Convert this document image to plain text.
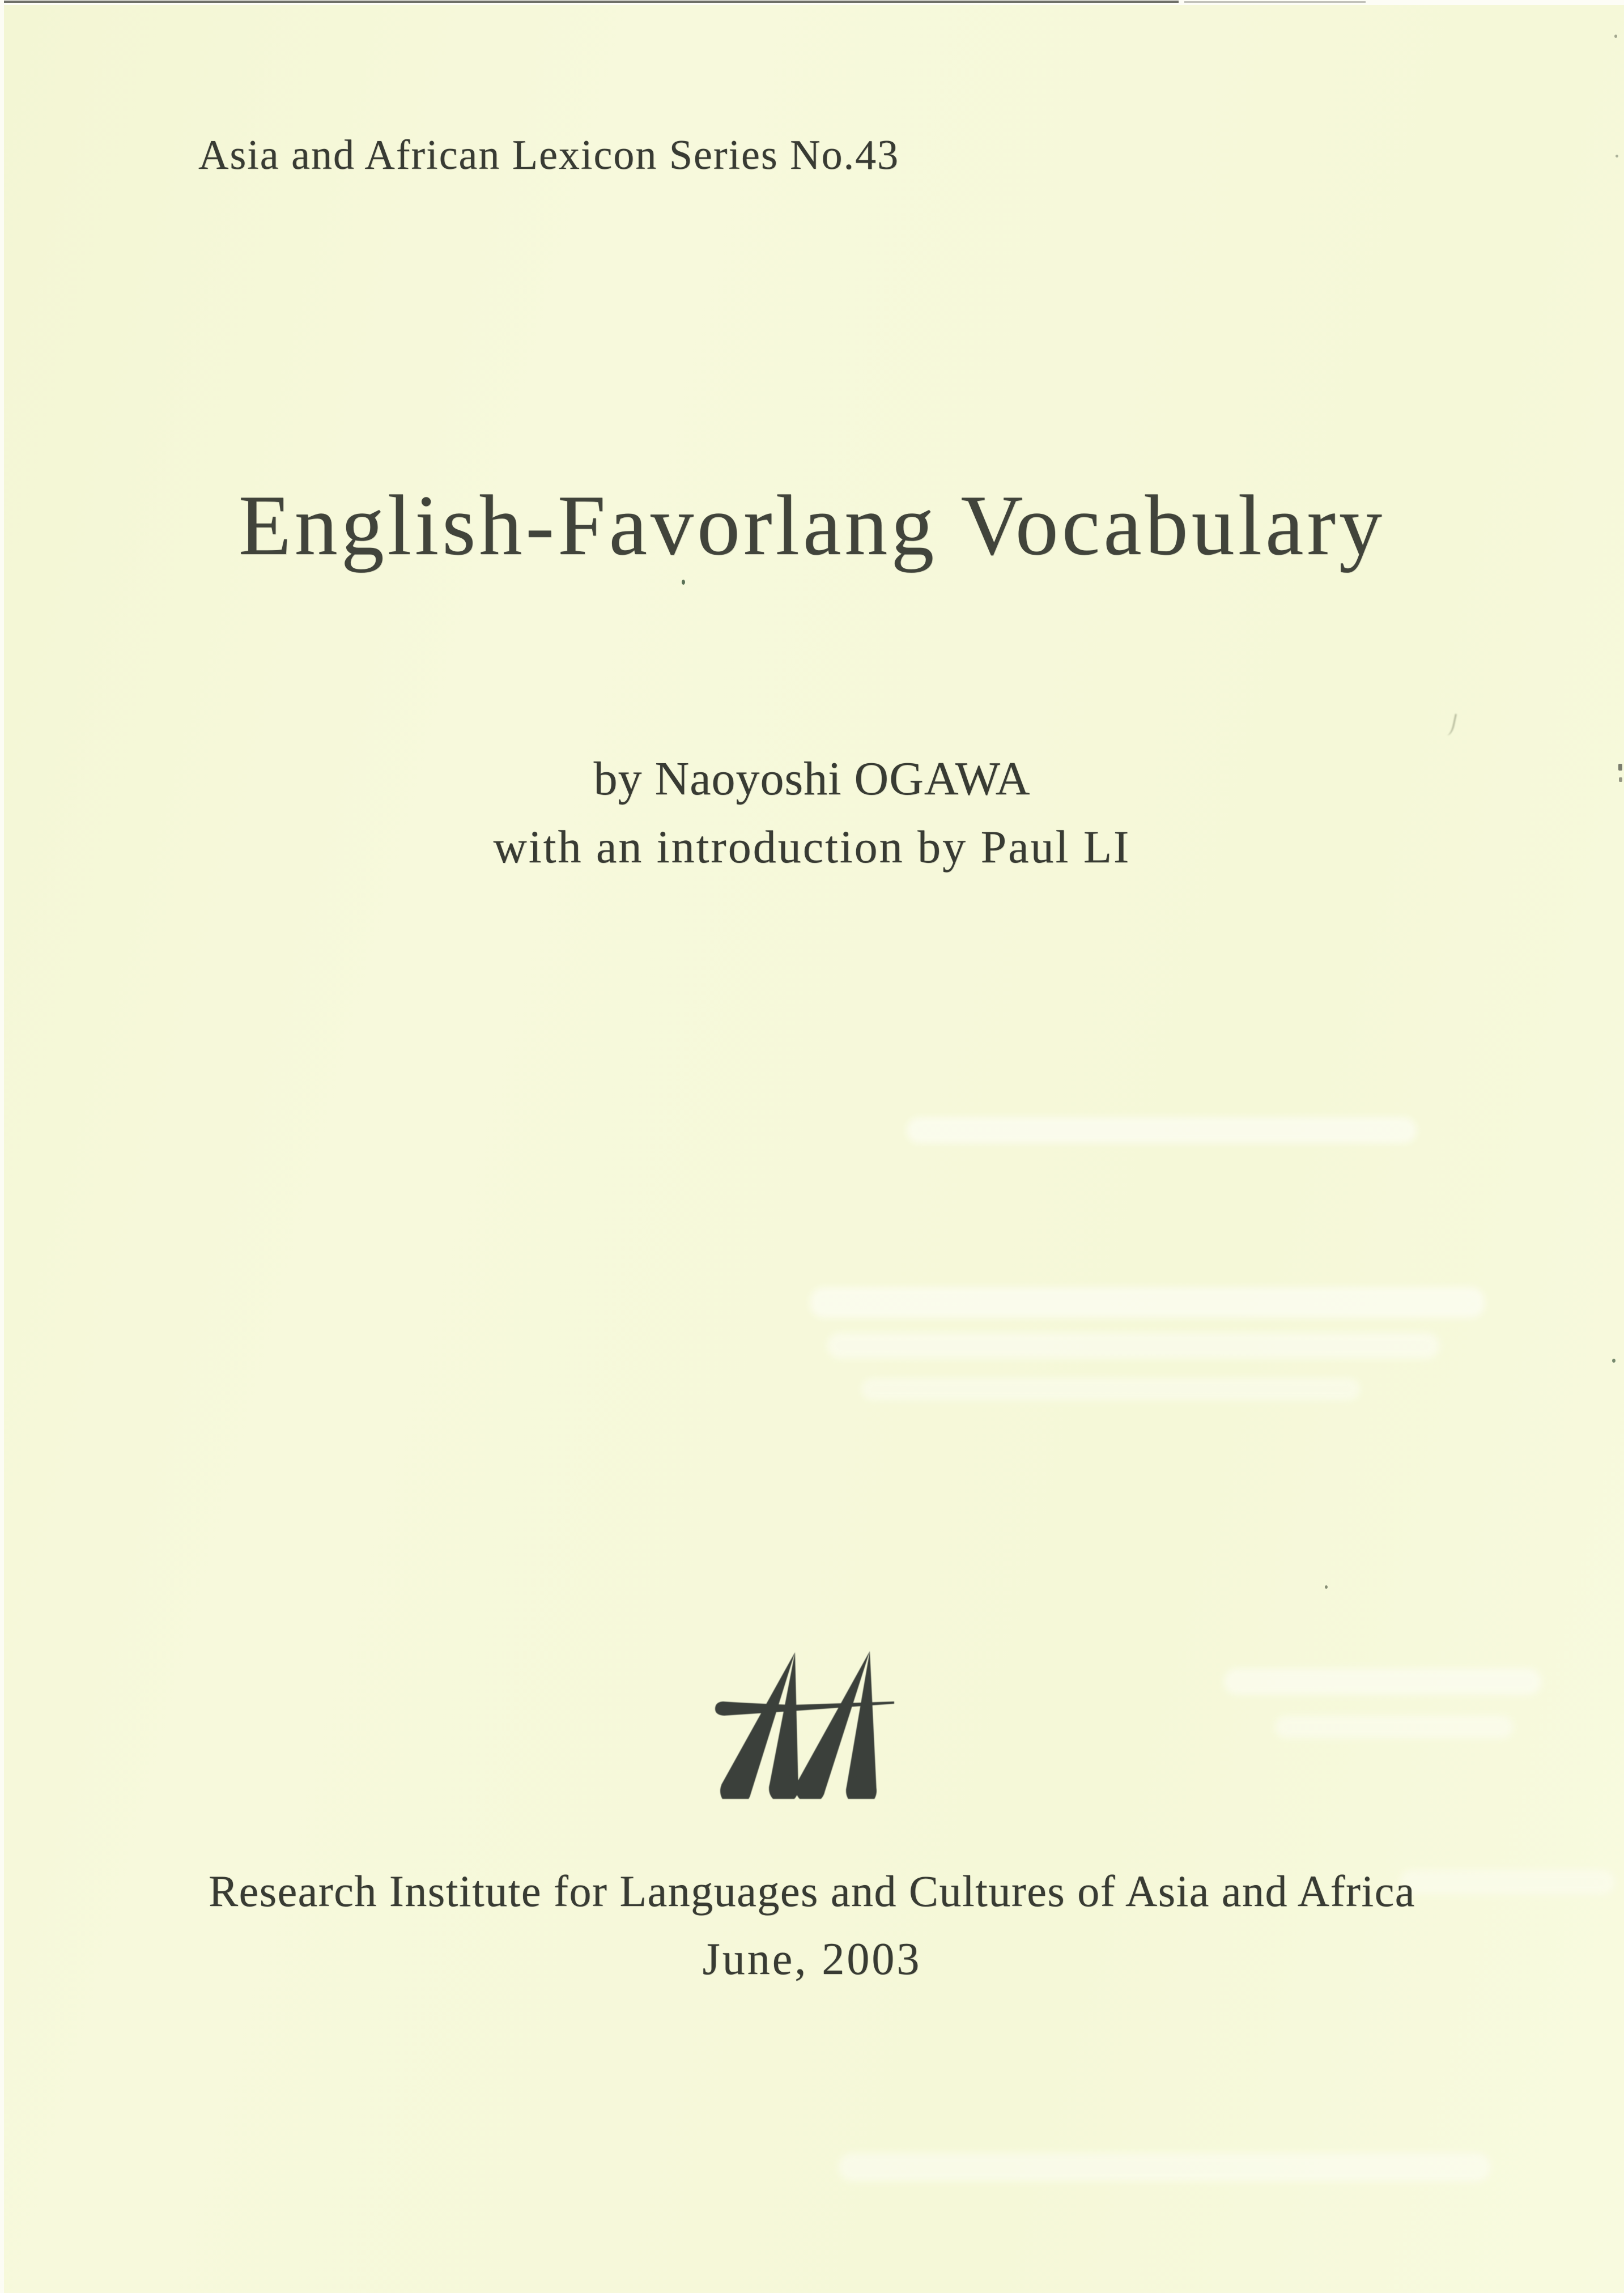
Asia and African Lexicon Series No.43
English-Favorlang Vocabulary
by Naoyoshi OGAWA
with an introduction by Paul LI
Research Institute for Languages and Cultures of Asia and Africa
June, 2003
